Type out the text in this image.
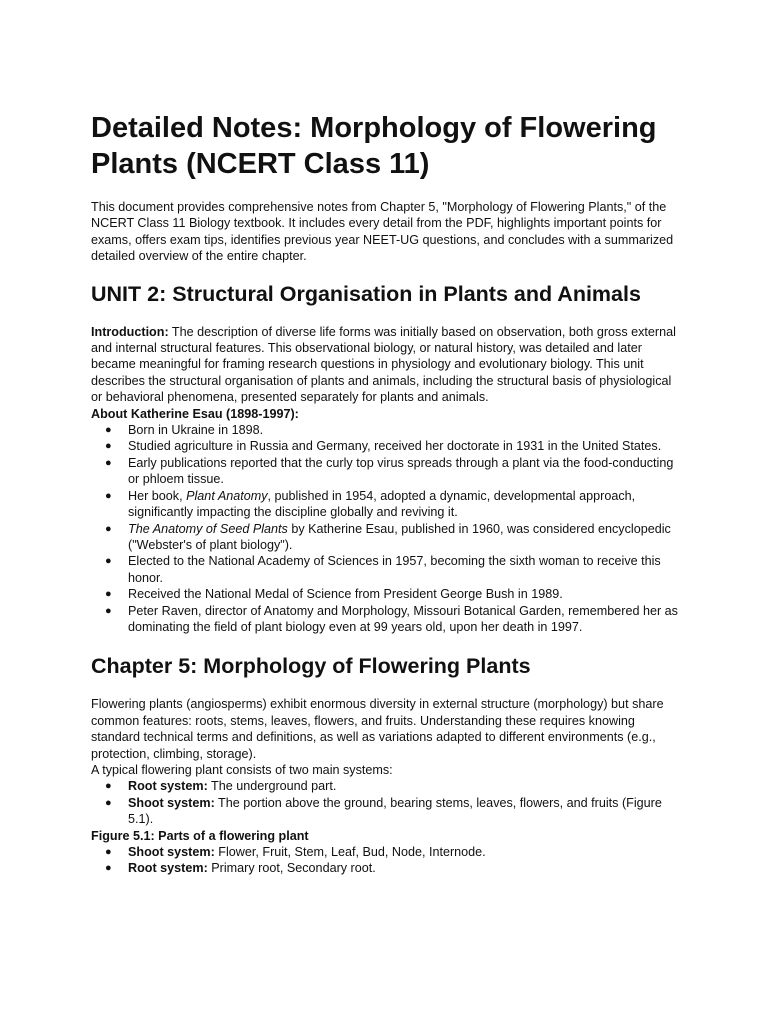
Detailed Notes: Morphology of Flowering Plants (NCERT Class 11)

This document provides comprehensive notes from Chapter 5, "Morphology of Flowering Plants," of the NCERT Class 11 Biology textbook. It includes every detail from the PDF, highlights important points for exams, offers exam tips, identifies previous year NEET-UG questions, and concludes with a summarized detailed overview of the entire chapter.

UNIT 2: Structural Organisation in Plants and Animals

Introduction: The description of diverse life forms was initially based on observation, both gross external and internal structural features. This observational biology, or natural history, was detailed and later became meaningful for framing research questions in physiology and evolutionary biology. This unit describes the structural organisation of plants and animals, including the structural basis of physiological or behavioral phenomena, presented separately for plants and animals.

About Katherine Esau (1898-1997):

● Born in Ukraine in 1898.
● Studied agriculture in Russia and Germany, received her doctorate in 1931 in the United States.
● Early publications reported that the curly top virus spreads through a plant via the food-conducting or phloem tissue.
● Her book, Plant Anatomy, published in 1954, adopted a dynamic, developmental approach, significantly impacting the discipline globally and reviving it.
● The Anatomy of Seed Plants by Katherine Esau, published in 1960, was considered encyclopedic ("Webster's of plant biology").
● Elected to the National Academy of Sciences in 1957, becoming the sixth woman to receive this honor.
● Received the National Medal of Science from President George Bush in 1989.
● Peter Raven, director of Anatomy and Morphology, Missouri Botanical Garden, remembered her as dominating the field of plant biology even at 99 years old, upon her death in 1997.
Chapter 5: Morphology of Flowering Plants

Flowering plants (angiosperms) exhibit enormous diversity in external structure (morphology) but share common features: roots, stems, leaves, flowers, and fruits. Understanding these requires knowing standard technical terms and definitions, as well as variations adapted to different environments (e.g., protection, climbing, storage).

A typical flowering plant consists of two main systems:

● Root system: The underground part.
● Shoot system: The portion above the ground, bearing stems, leaves, flowers, and fruits (Figure 5.1).

Figure 5.1: Parts of a flowering plant

● Shoot system: Flower, Fruit, Stem, Leaf, Bud, Node, Internode.
● Root system: Primary root, Secondary root.
